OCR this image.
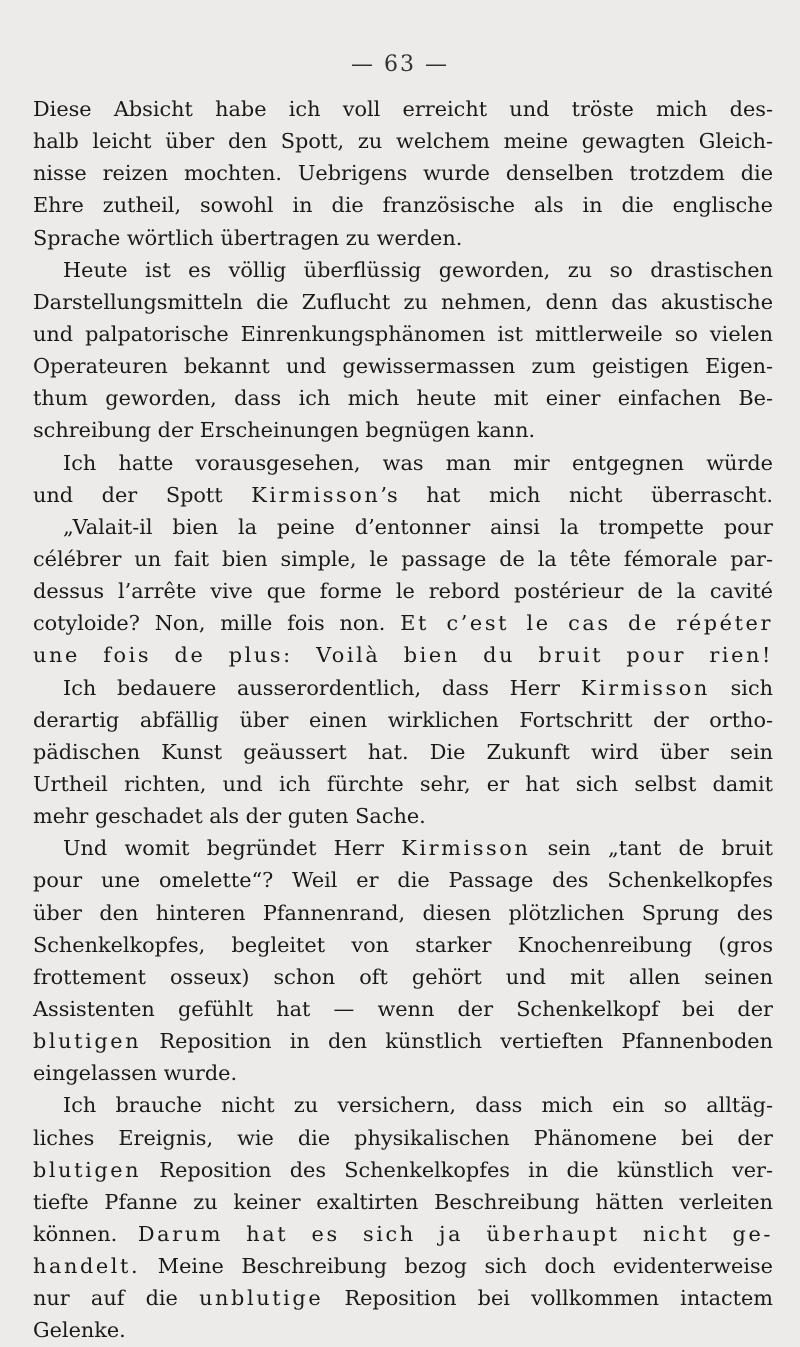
— 63 —
Diese Absicht habe ich voll erreicht und tröste mich des-
halb leicht über den Spott, zu welchem meine gewagten Gleich-
nisse reizen mochten. Uebrigens wurde denselben trotzdem die
Ehre zutheil, sowohl in die französische als in die englische
Sprache wörtlich übertragen zu werden.
Heute ist es völlig überflüssig geworden, zu so drastischen
Darstellungsmitteln die Zuflucht zu nehmen, denn das akustische
und palpatorische Einrenkungsphänomen ist mittlerweile so vielen
Operateuren bekannt und gewissermassen zum geistigen Eigen-
thum geworden, dass ich mich heute mit einer einfachen Be-
schreibung der Erscheinungen begnügen kann.
Ich hatte vorausgesehen, was man mir entgegnen würde
und der Spott Kirmisson’s hat mich nicht überrascht.
„Valait-il bien la peine d’entonner ainsi la trompette pour
célébrer un fait bien simple, le passage de la tête fémorale par-
dessus l’arrête vive que forme le rebord postérieur de la cavité
cotyloide? Non, mille fois non. Et c’est le cas de répéter
une fois de plus: Voilà bien du bruit pour rien!
Ich bedauere ausserordentlich, dass Herr Kirmisson sich
derartig abfällig über einen wirklichen Fortschritt der ortho-
pädischen Kunst geäussert hat. Die Zukunft wird über sein
Urtheil richten, und ich fürchte sehr, er hat sich selbst damit
mehr geschadet als der guten Sache.
Und womit begründet Herr Kirmisson sein „tant de bruit
pour une omelette“? Weil er die Passage des Schenkelkopfes
über den hinteren Pfannenrand, diesen plötzlichen Sprung des
Schenkelkopfes, begleitet von starker Knochenreibung (gros
frottement osseux) schon oft gehört und mit allen seinen
Assistenten gefühlt hat — wenn der Schenkelkopf bei der
blutigen Reposition in den künstlich vertieften Pfannenboden
eingelassen wurde.
Ich brauche nicht zu versichern, dass mich ein so alltäg-
liches Ereignis, wie die physikalischen Phänomene bei der
blutigen Reposition des Schenkelkopfes in die künstlich ver-
tiefte Pfanne zu keiner exaltirten Beschreibung hätten verleiten
können. Darum hat es sich ja überhaupt nicht ge-
handelt. Meine Beschreibung bezog sich doch evidenterweise
nur auf die unblutige Reposition bei vollkommen intactem
Gelenke.
